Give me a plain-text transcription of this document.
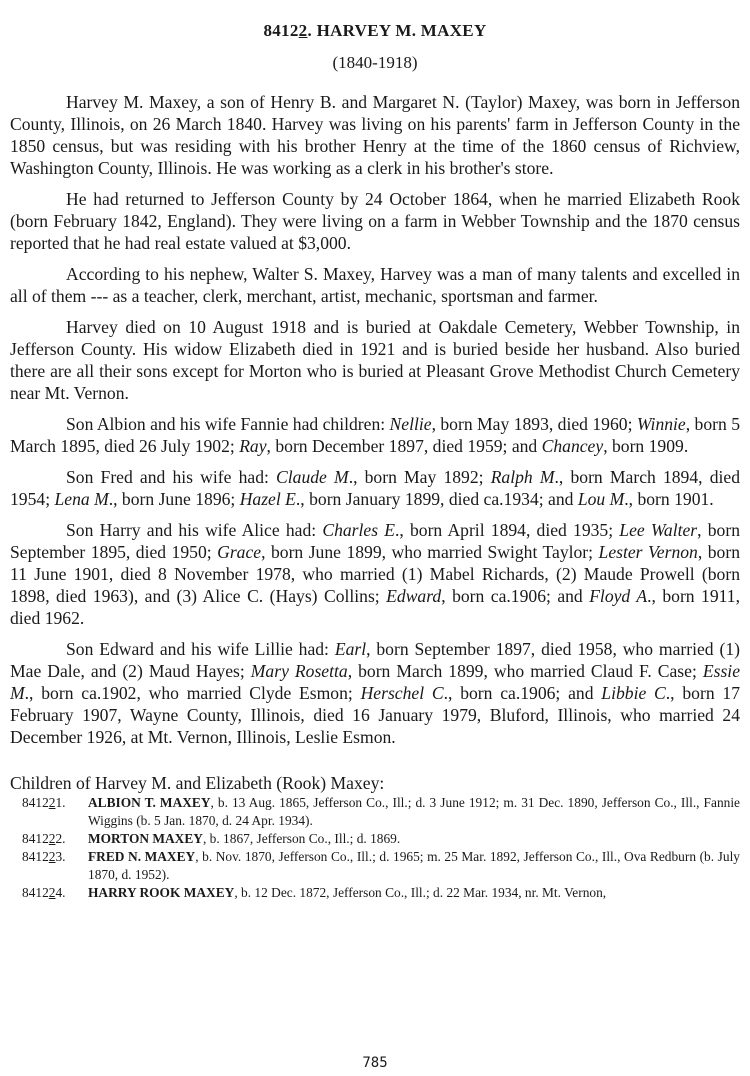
84122. HARVEY M. MAXEY
(1840-1918)

Harvey M. Maxey, a son of Henry B. and Margaret N. (Taylor) Maxey, was born in Jefferson County, Illinois, on 26 March 1840. Harvey was living on his parents' farm in Jefferson County in the 1850 census, but was residing with his brother Henry at the time of the 1860 census of Richview, Washington County, Illinois. He was working as a clerk in his brother's store.

He had returned to Jefferson County by 24 October 1864, when he married Elizabeth Rook (born February 1842, England). They were living on a farm in Webber Township and the 1870 census reported that he had real estate valued at $3,000.

According to his nephew, Walter S. Maxey, Harvey was a man of many talents and excelled in all of them --- as a teacher, clerk, merchant, artist, mechanic, sportsman and farmer.

Harvey died on 10 August 1918 and is buried at Oakdale Cemetery, Webber Township, in Jefferson County. His widow Elizabeth died in 1921 and is buried beside her husband. Also buried there are all their sons except for Morton who is buried at Pleasant Grove Methodist Church Cemetery near Mt. Vernon.

Son Albion and his wife Fannie had children: Nellie, born May 1893, died 1960; Winnie, born 5 March 1895, died 26 July 1902; Ray, born December 1897, died 1959; and Chancey, born 1909.

Son Fred and his wife had: Claude M., born May 1892; Ralph M., born March 1894, died 1954; Lena M., born June 1896; Hazel E., born January 1899, died ca.1934; and Lou M., born 1901.

Son Harry and his wife Alice had: Charles E., born April 1894, died 1935; Lee Walter, born September 1895, died 1950; Grace, born June 1899, who married Swight Taylor; Lester Vernon, born 11 June 1901, died 8 November 1978, who married (1) Mabel Richards, (2) Maude Prowell (born 1898, died 1963), and (3) Alice C. (Hays) Collins; Edward, born ca.1906; and Floyd A., born 1911, died 1962.

Son Edward and his wife Lillie had: Earl, born September 1897, died 1958, who married (1) Mae Dale, and (2) Maud Hayes; Mary Rosetta, born March 1899, who married Claud F. Case; Essie M., born ca.1902, who married Clyde Esmon; Herschel C., born ca.1906; and Libbie C., born 17 February 1907, Wayne County, Illinois, died 16 January 1979, Bluford, Illinois, who married 24 December 1926, at Mt. Vernon, Illinois, Leslie Esmon.

Children of Harvey M. and Elizabeth (Rook) Maxey:
841221. ALBION T. MAXEY, b. 13 Aug. 1865, Jefferson Co., Ill.; d. 3 June 1912; m. 31 Dec. 1890, Jefferson Co., Ill., Fannie Wiggins (b. 5 Jan. 1870, d. 24 Apr. 1934).
841222. MORTON MAXEY, b. 1867, Jefferson Co., Ill.; d. 1869.
841223. FRED N. MAXEY, b. Nov. 1870, Jefferson Co., Ill.; d. 1965; m. 25 Mar. 1892, Jefferson Co., Ill., Ova Redburn (b. July 1870, d. 1952).
841224. HARRY ROOK MAXEY, b. 12 Dec. 1872, Jefferson Co., Ill.; d. 22 Mar. 1934, nr. Mt. Vernon,
785
